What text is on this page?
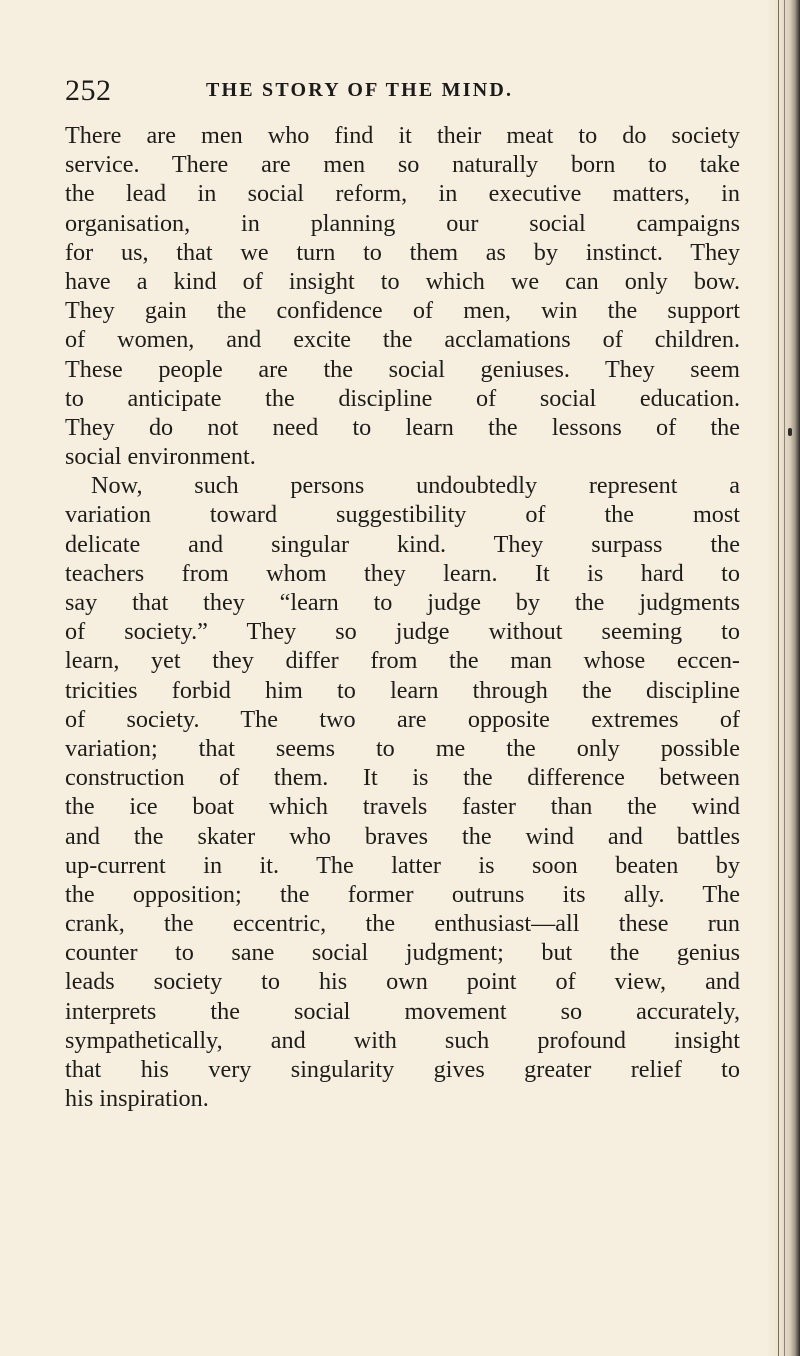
252	THE STORY OF THE MIND.
There are men who find it their meat to do society
service. There are men so naturally born to take
the lead in social reform, in executive matters, in
organisation, in planning our social campaigns
for us, that we turn to them as by instinct. They
have a kind of insight to which we can only bow.
They gain the confidence of men, win the support
of women, and excite the acclamations of children.
These people are the social geniuses. They seem
to anticipate the discipline of social education.
They do not need to learn the lessons of the
social environment.
Now, such persons undoubtedly represent a
variation toward suggestibility of the most
delicate and singular kind. They surpass the
teachers from whom they learn. It is hard to
say that they “learn to judge by the judgments
of society.” They so judge without seeming to
learn, yet they differ from the man whose eccen-
tricities forbid him to learn through the discipline
of society. The two are opposite extremes of
variation; that seems to me the only possible
construction of them. It is the difference between
the ice boat which travels faster than the wind
and the skater who braves the wind and battles
up-current in it. The latter is soon beaten by
the opposition; the former outruns its ally. The
crank, the eccentric, the enthusiast—all these run
counter to sane social judgment; but the genius
leads society to his own point of view, and
interprets the social movement so accurately,
sympathetically, and with such profound insight
that his very singularity gives greater relief to
his inspiration.
